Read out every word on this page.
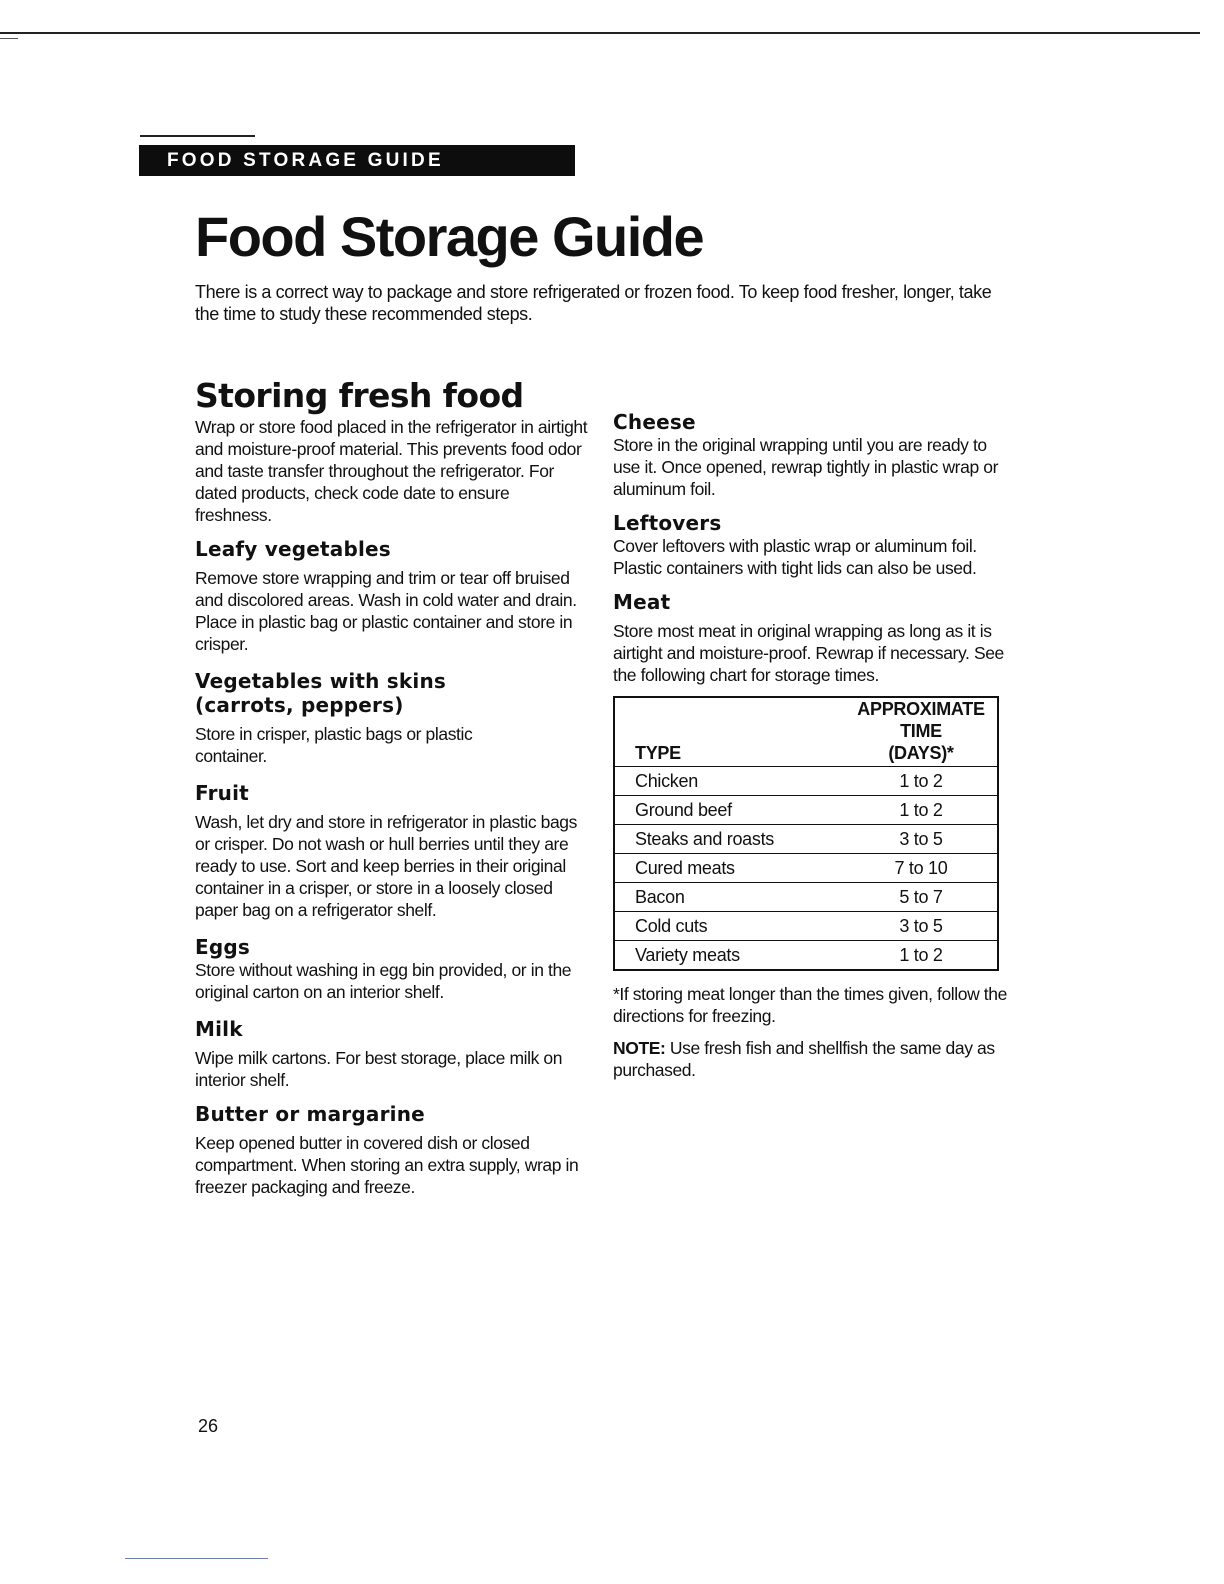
FOOD STORAGE GUIDE
Food Storage Guide

There is a correct way to package and store refrigerated or frozen food. To keep food fresher, longer, take the time to study these recommended steps.

Storing fresh food

Wrap or store food placed in the refrigerator in airtight and moisture-proof material. This prevents food odor and taste transfer throughout the refrigerator. For dated products, check code date to ensure freshness.

Leafy vegetables

Remove store wrapping and trim or tear off bruised and discolored areas. Wash in cold water and drain. Place in plastic bag or plastic container and store in crisper.

Vegetables with skins (carrots, peppers)

Store in crisper, plastic bags or plastic container.

Fruit

Wash, let dry and store in refrigerator in plastic bags or crisper. Do not wash or hull berries until they are ready to use. Sort and keep berries in their original container in a crisper, or store in a loosely closed paper bag on a refrigerator shelf.

Eggs

Store without washing in egg bin provided, or in the original carton on an interior shelf.

Milk

Wipe milk cartons. For best storage, place milk on interior shelf.

Butter or margarine

Keep opened butter in covered dish or closed compartment. When storing an extra supply, wrap in freezer packaging and freeze.

Cheese

Store in the original wrapping until you are ready to use it. Once opened, rewrap tightly in plastic wrap or aluminum foil.

Leftovers

Cover leftovers with plastic wrap or aluminum foil. Plastic containers with tight lids can also be used.

Meat

Store most meat in original wrapping as long as it is airtight and moisture-proof. Rewrap if necessary. See the following chart for storage times.

TYPE	APPROXIMATE TIME
(DAYS)*

Chicken	1 to 2
Ground beef	1 to 2
Steaks and roasts	3 to 5
Cured meats	7 to 10
Bacon	5 to 7
Cold cuts	3 to 5
Variety meats	1 to 2

*If storing meat longer than the times given, follow the directions for freezing.

NOTE: Use fresh fish and shellfish the same day as purchased.

26
